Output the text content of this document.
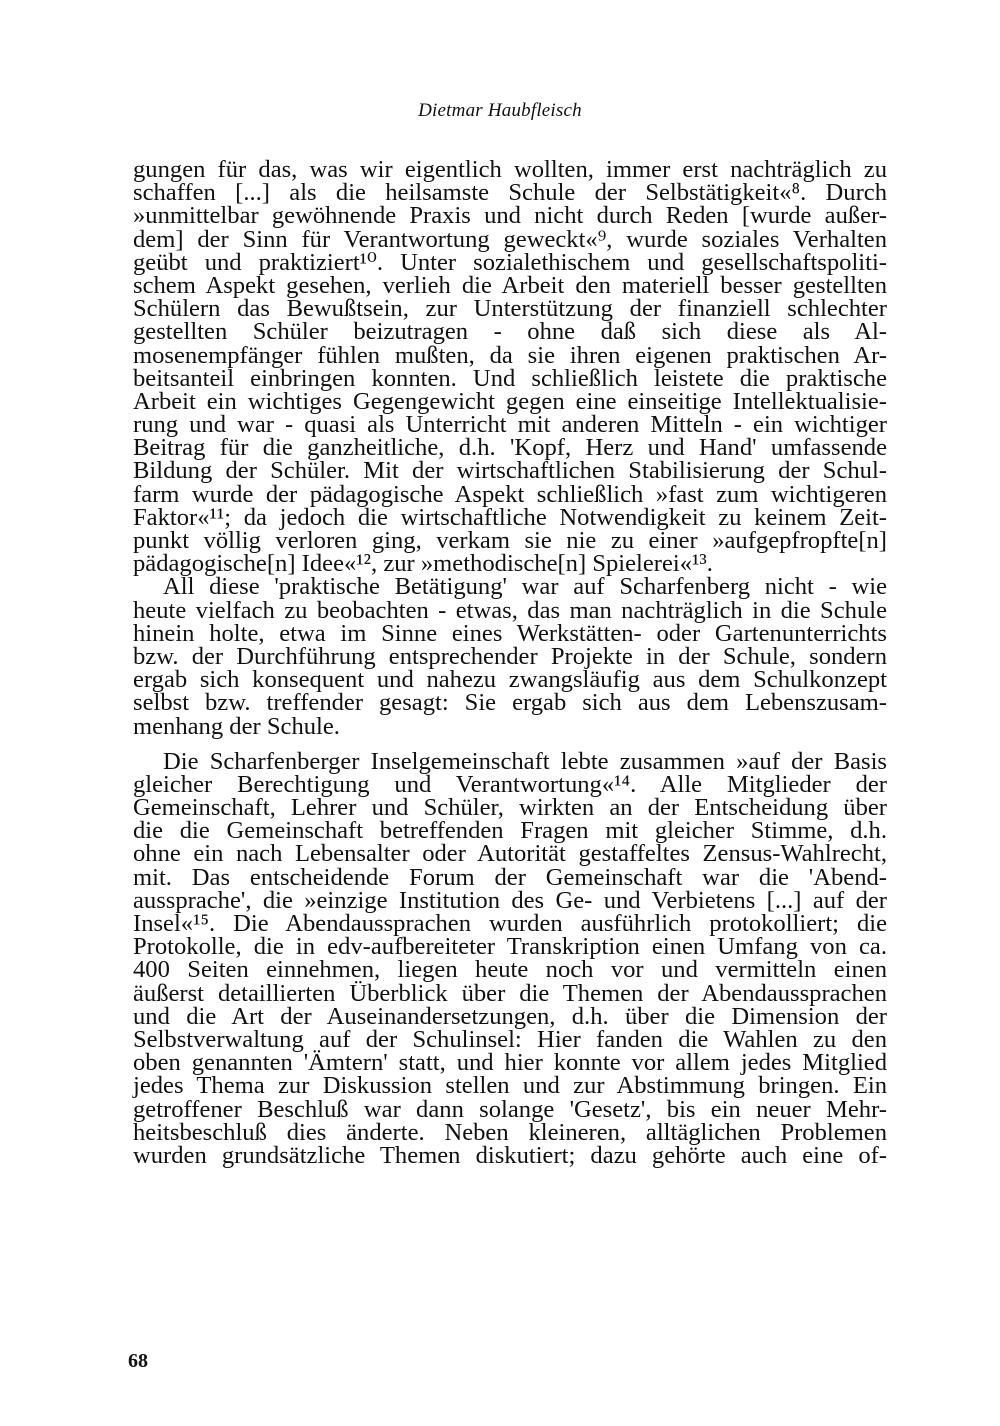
Dietmar Haubfleisch
gungen für das, was wir eigentlich wollten, immer erst nachträglich zu
schaffen [...] als die heilsamste Schule der Selbstätigkeit«⁸. Durch
»unmittelbar gewöhnende Praxis und nicht durch Reden [wurde außer-
dem] der Sinn für Verantwortung geweckt«⁹, wurde soziales Verhalten
geübt und praktiziert¹⁰. Unter sozialethischem und gesellschaftspoliti-
schem Aspekt gesehen, verlieh die Arbeit den materiell besser gestellten
Schülern das Bewußtsein, zur Unterstützung der finanziell schlechter
gestellten Schüler beizutragen - ohne daß sich diese als Al-
mosenempfänger fühlen mußten, da sie ihren eigenen praktischen Ar-
beitsanteil einbringen konnten. Und schließlich leistete die praktische
Arbeit ein wichtiges Gegengewicht gegen eine einseitige Intellektualisie-
rung und war - quasi als Unterricht mit anderen Mitteln - ein wichtiger
Beitrag für die ganzheitliche, d.h. 'Kopf, Herz und Hand' umfassende
Bildung der Schüler. Mit der wirtschaftlichen Stabilisierung der Schul-
farm wurde der pädagogische Aspekt schließlich »fast zum wichtigeren
Faktor«¹¹; da jedoch die wirtschaftliche Notwendigkeit zu keinem Zeit-
punkt völlig verloren ging, verkam sie nie zu einer »aufgepfropfte[n]
pädagogische[n] Idee«¹², zur »methodische[n] Spielerei«¹³.
All diese 'praktische Betätigung' war auf Scharfenberg nicht - wie
heute vielfach zu beobachten - etwas, das man nachträglich in die Schule
hinein holte, etwa im Sinne eines Werkstätten- oder Gartenunterrichts
bzw. der Durchführung entsprechender Projekte in der Schule, sondern
ergab sich konsequent und nahezu zwangsläufig aus dem Schulkonzept
selbst bzw. treffender gesagt: Sie ergab sich aus dem Lebenszusam-
menhang der Schule.
Die Scharfenberger Inselgemeinschaft lebte zusammen »auf der Basis
gleicher Berechtigung und Verantwortung«¹⁴. Alle Mitglieder der
Gemeinschaft, Lehrer und Schüler, wirkten an der Entscheidung über
die die Gemeinschaft betreffenden Fragen mit gleicher Stimme, d.h.
ohne ein nach Lebensalter oder Autorität gestaffeltes Zensus-Wahlrecht,
mit. Das entscheidende Forum der Gemeinschaft war die 'Abend-
aussprache', die »einzige Institution des Ge- und Verbietens [...] auf der
Insel«¹⁵. Die Abendaussprachen wurden ausführlich protokolliert; die
Protokolle, die in edv-aufbereiteter Transkription einen Umfang von ca.
400 Seiten einnehmen, liegen heute noch vor und vermitteln einen
äußerst detaillierten Überblick über die Themen der Abendaussprachen
und die Art der Auseinandersetzungen, d.h. über die Dimension der
Selbstverwaltung auf der Schulinsel: Hier fanden die Wahlen zu den
oben genannten 'Ämtern' statt, und hier konnte vor allem jedes Mitglied
jedes Thema zur Diskussion stellen und zur Abstimmung bringen. Ein
getroffener Beschluß war dann solange 'Gesetz', bis ein neuer Mehr-
heitsbeschluß dies änderte. Neben kleineren, alltäglichen Problemen
wurden grundsätzliche Themen diskutiert; dazu gehörte auch eine of-
68
